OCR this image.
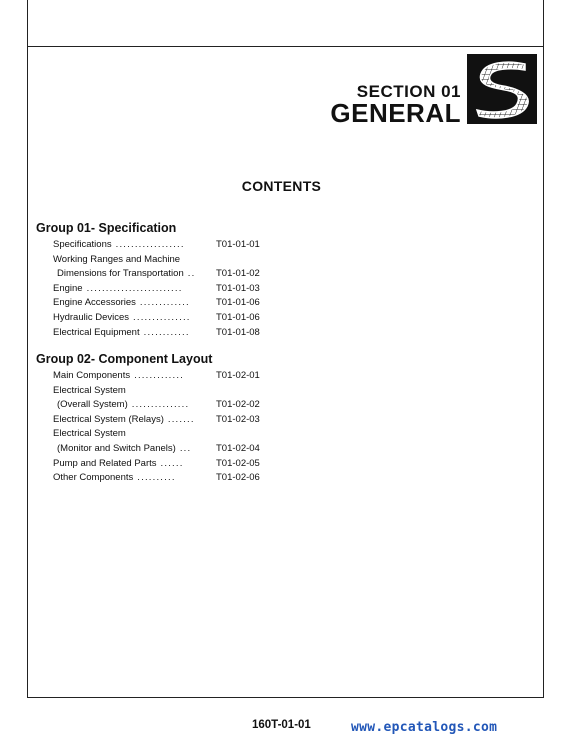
SECTION 01
GENERAL
CONTENTS
Group 01- Specification
Specifications ..................	T01-01-01
Working Ranges and Machine
Dimensions for Transportation .. T01-01-02
Engine .........................	T01-01-03
Engine Accessories .............	T01-01-06
Hydraulic Devices ...............	T01-01-06
Electrical Equipment ............	T01-01-08
Group 02- Component Layout
Main Components .............	T01-02-01
Electrical System
(Overall System) ...............	T01-02-02
Electrical System (Relays) ....... T01-02-03
Electrical System
(Monitor and Switch Panels) ...	T01-02-04
Pump and Related Parts ......	T01-02-05
Other Components ..........	T01-02-06
160T-01-01	www.epcatalogs.com
